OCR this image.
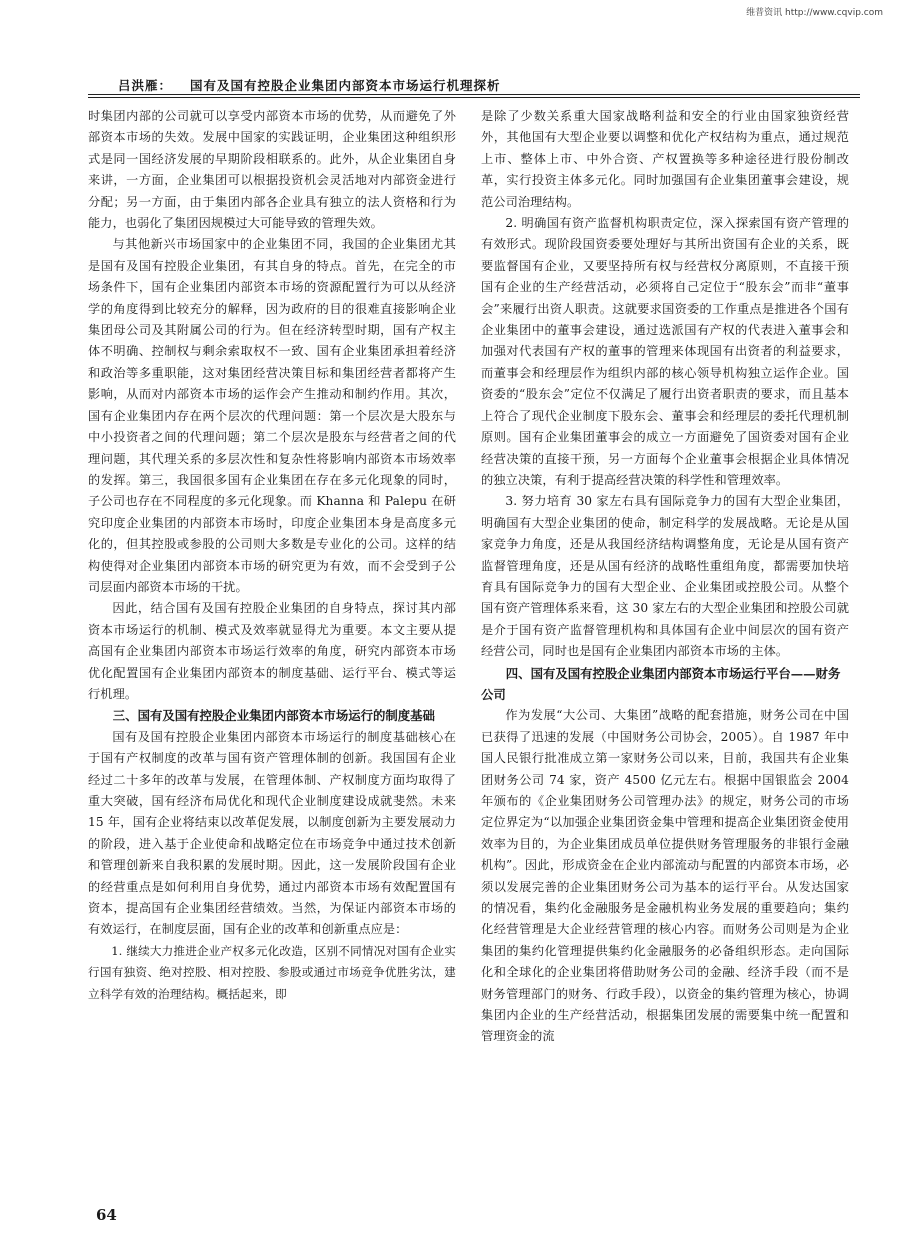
维普资讯 http://www.cqvip.com
吕洪雁： 国有及国有控股企业集团内部资本市场运行机理探析

时集团内部的公司就可以享受内部资本市场的优势，从而避免了外部资本市场的失效。发展中国家的实践证明，企业集团这种组织形式是同一国经济发展的早期阶段相联系的。此外，从企业集团自身来讲，一方面，企业集团可以根据投资机会灵活地对内部资金进行分配；另一方面，由于集团内部各企业具有独立的法人资格和行为能力，也弱化了集团因规模过大可能导致的管理失效。

与其他新兴市场国家中的企业集团不同，我国的企业集团尤其是国有及国有控股企业集团，有其自身的特点。首先，在完全的市场条件下，国有企业集团内部资本市场的资源配置行为可以从经济学的角度得到比较充分的解释，因为政府的目的很难直接影响企业集团母公司及其附属公司的行为。但在经济转型时期，国有产权主体不明确、控制权与剩余索取权不一致、国有企业集团承担着经济和政治等多重职能，这对集团经营决策目标和集团经营者都将产生影响，从而对内部资本市场的运作会产生推动和制约作用。其次，国有企业集团内存在两个层次的代理问题：第一个层次是大股东与中小投资者之间的代理问题；第二个层次是股东与经营者之间的代理问题，其代理关系的多层次性和复杂性将影响内部资本市场效率的发挥。第三，我国很多国有企业集团在存在多元化现象的同时，子公司也存在不同程度的多元化现象。而 Khanna 和 Palepu 在研究印度企业集团的内部资本市场时，印度企业集团本身是高度多元化的，但其控股或参股的公司则大多数是专业化的公司。这样的结构使得对企业集团内部资本市场的研究更为有效，而不会受到子公司层面内部资本市场的干扰。

因此，结合国有及国有控股企业集团的自身特点，探讨其内部资本市场运行的机制、模式及效率就显得尤为重要。本文主要从提高国有企业集团内部资本市场运行效率的角度，研究内部资本市场优化配置国有企业集团内部资本的制度基础、运行平台、模式等运行机理。

三、国有及国有控股企业集团内部资本市场运行的制度基础

国有及国有控股企业集团内部资本市场运行的制度基础核心在于国有产权制度的改革与国有资产管理体制的创新。我国国有企业经过二十多年的改革与发展，在管理体制、产权制度方面均取得了重大突破，国有经济布局优化和现代企业制度建设成就斐然。未来 15 年，国有企业将结束以改革促发展，以制度创新为主要发展动力的阶段，进入基于企业使命和战略定位在市场竞争中通过技术创新和管理创新来自我积累的发展时期。因此，这一发展阶段国有企业的经营重点是如何利用自身优势，通过内部资本市场有效配置国有资本，提高国有企业集团经营绩效。当然，为保证内部资本市场的有效运行，在制度层面，国有企业的改革和创新重点应是：

1. 继续大力推进企业产权多元化改造，区别不同情况对国有企业实行国有独资、绝对控股、相对控股、参股或通过市场竞争优胜劣汰，建立科学有效的治理结构。概括起来，即

是除了少数关系重大国家战略利益和安全的行业由国家独资经营外，其他国有大型企业要以调整和优化产权结构为重点，通过规范上市、整体上市、中外合资、产权置换等多种途径进行股份制改革，实行投资主体多元化。同时加强国有企业集团董事会建设，规范公司治理结构。

2. 明确国有资产监督机构职责定位，深入探索国有资产管理的有效形式。现阶段国资委要处理好与其所出资国有企业的关系，既要监督国有企业，又要坚持所有权与经营权分离原则，不直接干预国有企业的生产经营活动，必须将自己定位于“股东会”而非“董事会”来履行出资人职责。这就要求国资委的工作重点是推进各个国有企业集团中的董事会建设，通过选派国有产权的代表进入董事会和加强对代表国有产权的董事的管理来体现国有出资者的利益要求，而董事会和经理层作为组织内部的核心领导机构独立运作企业。国资委的“股东会”定位不仅满足了履行出资者职责的要求，而且基本上符合了现代企业制度下股东会、董事会和经理层的委托代理机制原则。国有企业集团董事会的成立一方面避免了国资委对国有企业经营决策的直接干预，另一方面每个企业董事会根据企业具体情况的独立决策，有利于提高经营决策的科学性和管理效率。

3. 努力培育 30 家左右具有国际竞争力的国有大型企业集团，明确国有大型企业集团的使命，制定科学的发展战略。无论是从国家竞争力角度，还是从我国经济结构调整角度，无论是从国有资产监督管理角度，还是从国有经济的战略性重组角度，都需要加快培育具有国际竞争力的国有大型企业、企业集团或控股公司。从整个国有资产管理体系来看，这 30 家左右的大型企业集团和控股公司就是介于国有资产监督管理机构和具体国有企业中间层次的国有资产经营公司，同时也是国有企业集团内部资本市场的主体。

四、国有及国有控股企业集团内部资本市场运行平台——财务公司

作为发展“大公司、大集团”战略的配套措施，财务公司在中国已获得了迅速的发展（中国财务公司协会，2005）。自 1987 年中国人民银行批准成立第一家财务公司以来，目前，我国共有企业集团财务公司 74 家，资产 4500 亿元左右。根据中国银监会 2004 年颁布的《企业集团财务公司管理办法》的规定，财务公司的市场定位界定为“以加强企业集团资金集中管理和提高企业集团资金使用效率为目的，为企业集团成员单位提供财务管理服务的非银行金融机构”。因此，形成资金在企业内部流动与配置的内部资本市场，必须以发展完善的企业集团财务公司为基本的运行平台。从发达国家的情况看，集约化金融服务是金融机构业务发展的重要趋向；集约化经营管理是大企业经营管理的核心内容。而财务公司则是为企业集团的集约化管理提供集约化金融服务的必备组织形态。走向国际化和全球化的企业集团将借助财务公司的金融、经济手段（而不是财务管理部门的财务、行政手段），以资金的集约管理为核心，协调集团内企业的生产经营活动，根据集团发展的需要集中统一配置和管理资金的流

64
